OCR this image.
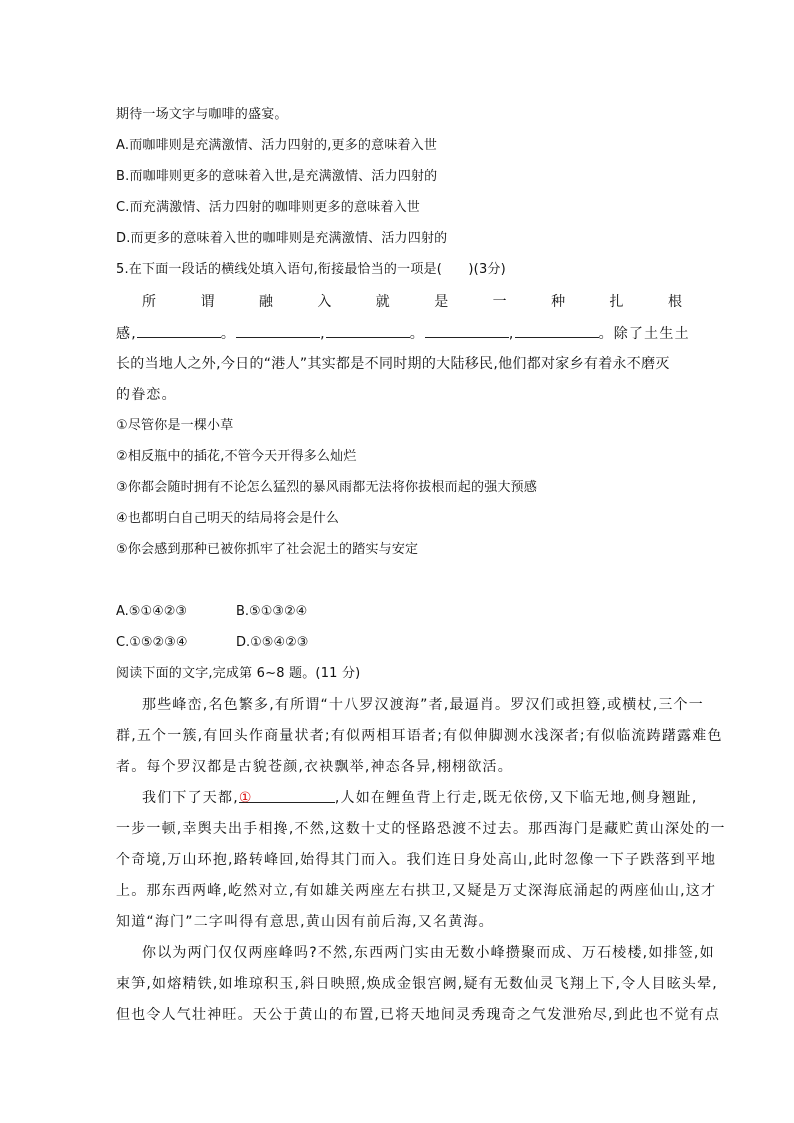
期待一场文字与咖啡的盛宴。
A.而咖啡则是充满激情、活力四射的,更多的意味着入世
B.而咖啡则更多的意味着入世,是充满激情、活力四射的
C.而充满激情、活力四射的咖啡则更多的意味着入世
D.而更多的意味着入世的咖啡则是充满激情、活力四射的
5.在下面一段话的横线处填入语句,衔接最恰当的一项是(　　)(3分)
所	谓	融	入	就	是	一	种	扎	根
感,	。	,	。	,	。除了土生土
长的当地人之外,今日的“港人”其实都是不同时期的大陆移民,他们都对家乡有着永不磨灭
的眷恋。
①尽管你是一棵小草
②相反瓶中的插花,不管今天开得多么灿烂
③你都会随时拥有不论怎么猛烈的暴风雨都无法将你拔根而起的强大预感
④也都明白自己明天的结局将会是什么
⑤你会感到那种已被你抓牢了社会泥土的踏实与安定
A.⑤①④②③	B.⑤①③②④
C.①⑤②③④	D.①⑤④②③
阅读下面的文字,完成第 6~8 题。(11 分)
那些峰峦,名色繁多,有所谓“十八罗汉渡海”者,最逼肖。罗汉们或担簦,或横杖,三个一
群,五个一簇,有回头作商量状者;有似两相耳语者;有似伸脚测水浅深者;有似临流踌躇露难色
者。每个罗汉都是古貌苍颜,衣袂飘举,神态各异,栩栩欲活。
我们下了天都,①	,人如在鲤鱼背上行走,既无依傍,又下临无地,侧身翘趾,
一步一顿,幸舆夫出手相搀,不然,这数十丈的怪路恐渡不过去。那西海门是藏贮黄山深处的一
个奇境,万山环抱,路转峰回,始得其门而入。我们连日身处高山,此时忽像一下子跌落到平地
上。那东西两峰,屹然对立,有如雄关两座左右拱卫,又疑是万丈深海底涌起的两座仙山,这才
知道“海门”二字叫得有意思,黄山因有前后海,又名黄海。
你以为两门仅仅两座峰吗?不然,东西两门实由无数小峰攒聚而成、万石棱楼,如排签,如
束笋,如熔精铁,如堆琼积玉,斜日映照,焕成金银宫阙,疑有无数仙灵飞翔上下,令人目眩头晕,
但也令人气壮神旺。天公于黄山的布置,已将天地间灵秀瑰奇之气发泄殆尽,到此也不觉有点
